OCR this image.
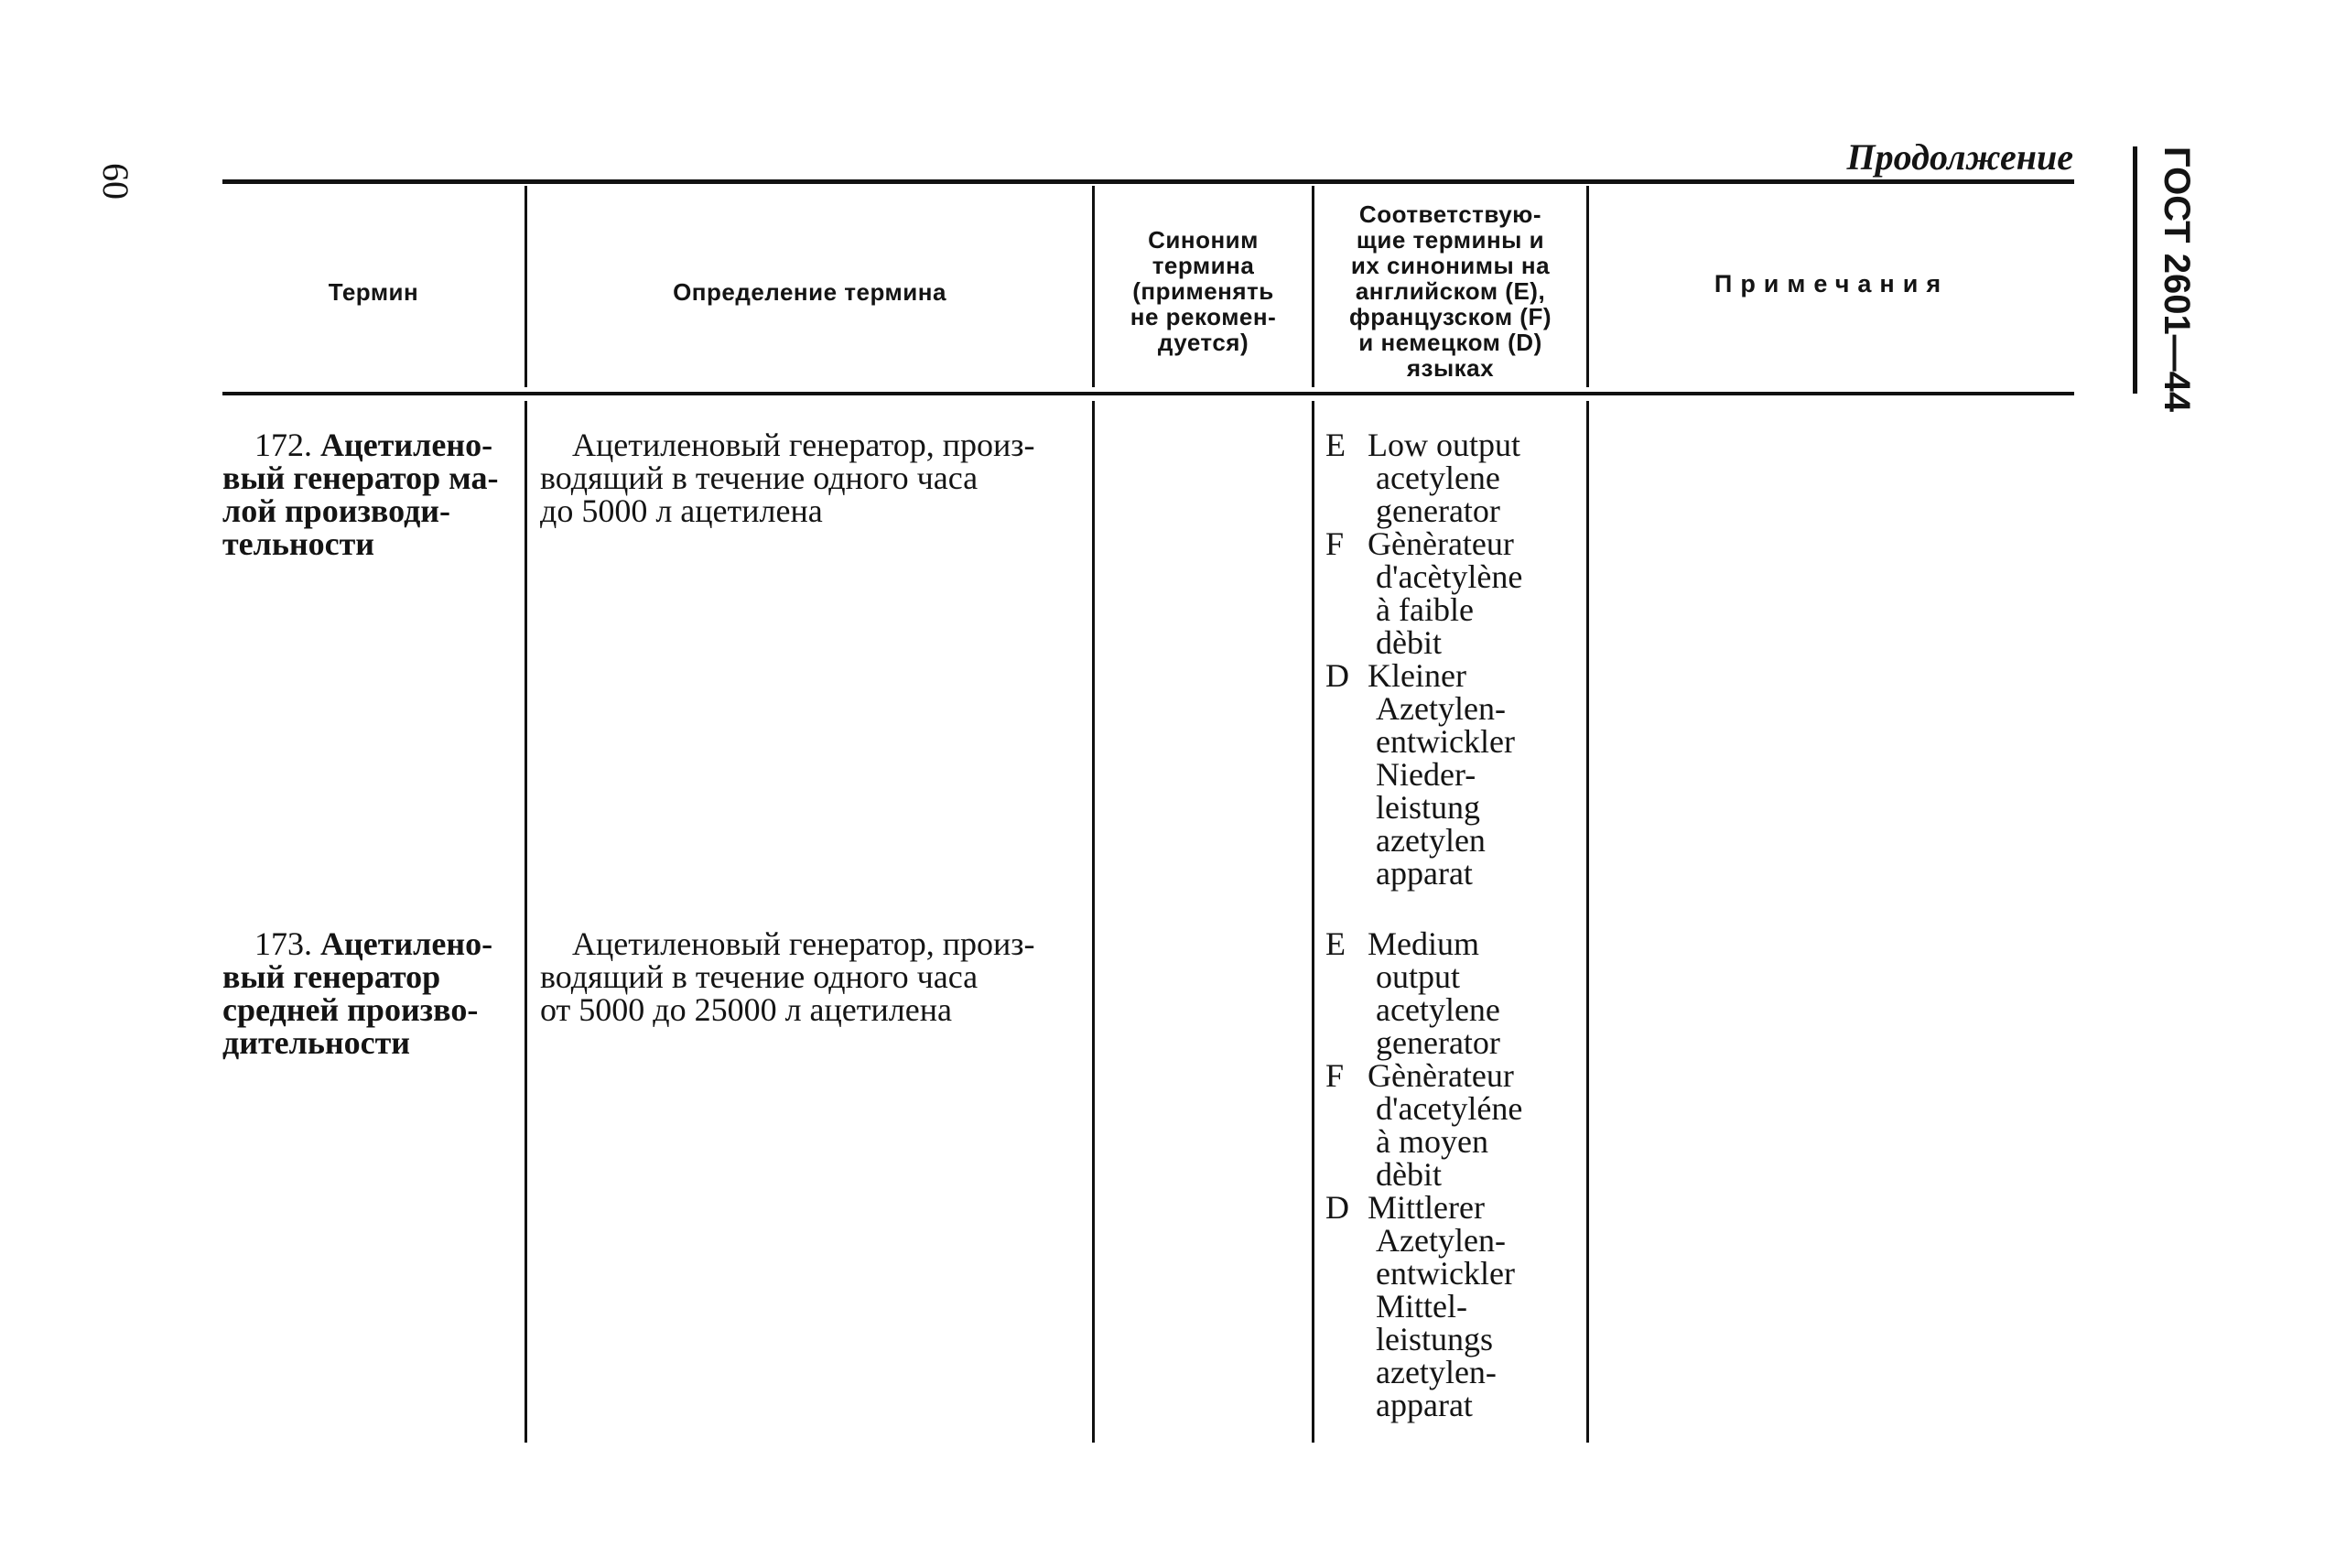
60
Продолжение ГОСТ 2601—44
Термин	Определение термина
Синоним
термина
(применять
не рекомен-
дуется)
Соответствую-
щие термины и
их синонимы на
английском (E),
французском (F)
и немецком (D)
языках
Примечания
172. Ацетилено-
вый генератор ма-
лой производи-
тельности
Ацетиленовый генератор, произ-
водящий в течение одного часа
до 5000 л ацетилена
E Low output
acetylene
generator
F Gènèrateur
d'acètylène
à faible
dèbit
D Kleiner
Azetylen-
entwickler
Nieder-
leistung
azetylen
apparat
173. Ацетилено-
вый генератор
средней произво-
дительности
Ацетиленовый генератор, произ-
водящий в течение одного часа
от 5000 до 25000 л ацетилена
E Medium
output
acetylene
generator
F Gènèrateur
d'acetyléne
à moyen
dèbit
D Mittlerer
Azetylen-
entwickler
Mittel-
leistungs
azetylen-
apparat
